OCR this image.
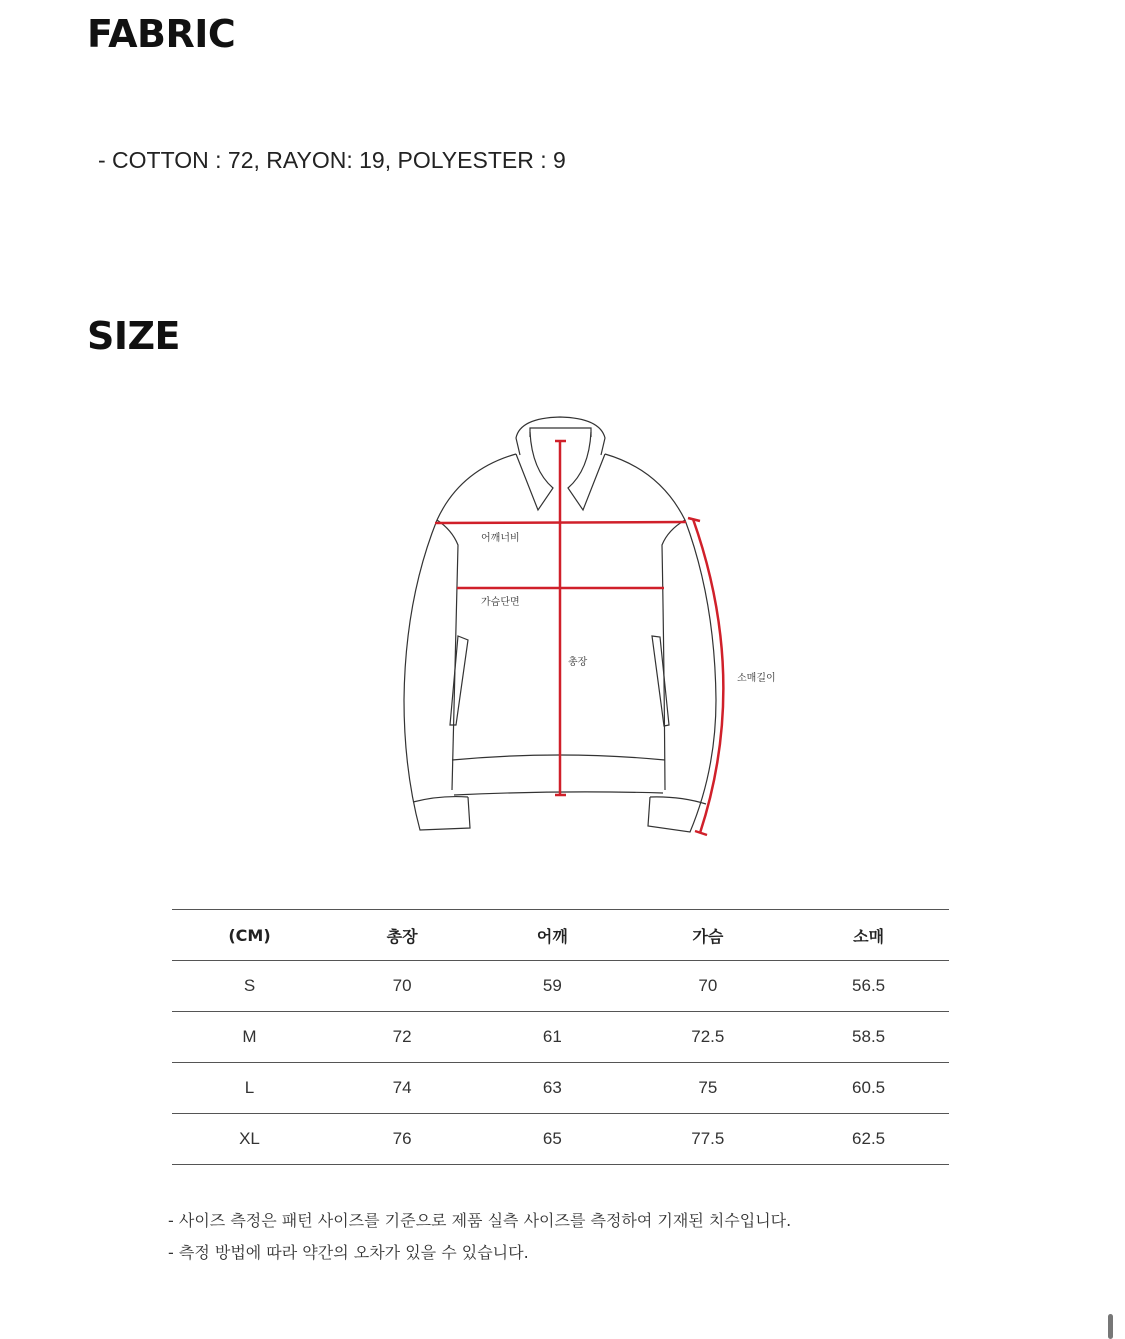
FABRIC
- COTTON : 72, RAYON: 19, POLYESTER : 9
SIZE
어깨너비
가슴단면
총장
소매길이
(CM)	총장	어깨	가슴	소매
S	70	59	70	56.5
M	72	61	72.5	58.5
L	74	63	75	60.5
XL	76	65	77.5	62.5
- 사이즈 측정은 패턴 사이즈를 기준으로 제품 실측 사이즈를 측정하여 기재된 치수입니다.
- 측정 방법에 따라 약간의 오차가 있을 수 있습니다.
